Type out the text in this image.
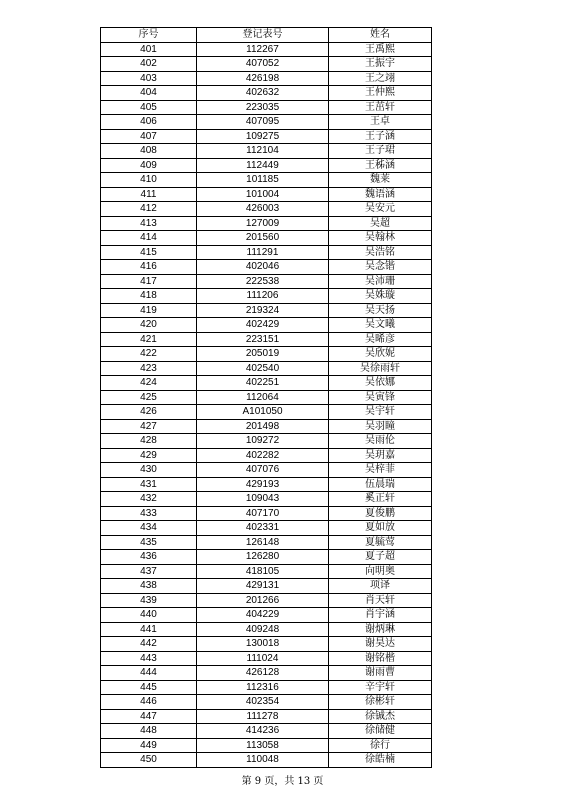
序号	登记表号	姓名
401	112267	王禹熙
402	407052	王振宇
403	426198	王之翊
404	402632	王仲熙
405	223035	王茁轩
406	407095	王卓
407	109275	王子涵
408	112104	王子珺
409	112449	王秭涵
410	101185	魏莱
411	101004	魏语涵
412	426003	吴安元
413	127009	吴超
414	201560	吴翰林
415	111291	吴浩铭
416	402046	吴念锴
417	222538	吴沛珊
418	111206	吴姝璇
419	219324	吴天扬
420	402429	吴文曦
421	223151	吴晞彦
422	205019	吴欣妮
423	402540	吴徐雨轩
424	402251	吴依娜
425	112064	吴寅锋
426	A101050	吴宇轩
427	201498	吴羽瞳
428	109272	吴雨伦
429	402282	吴玥嘉
430	407076	吴梓菲
431	429193	伍晨瑞
432	109043	奚正轩
433	407170	夏俊鹏
434	402331	夏如放
435	126148	夏毓莺
436	126280	夏子超
437	418105	向明奥
438	429131	项译
439	201266	肖天轩
440	404229	肖宇涵
441	409248	谢炳琳
442	130018	谢昊达
443	111024	谢铭楷
444	426128	谢雨曹
445	112316	辛宇轩
446	402354	徐彬轩
447	111278	徐铖杰
448	414236	徐储健
449	113058	徐行
450	110048	徐皓楠
第 9 页，共 13 页
